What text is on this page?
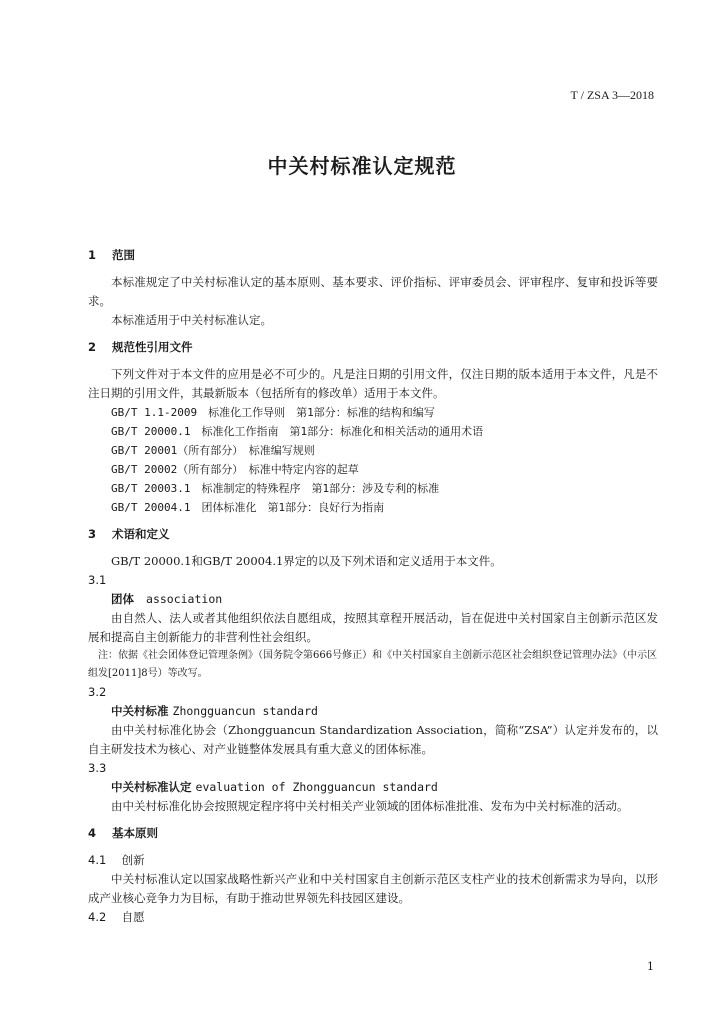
T / ZSA 3—2018
中关村标准认定规范
1 范围

本标准规定了中关村标准认定的基本原则、基本要求、评价指标、评审委员会、评审程序、复审和投诉等要求。

本标准适用于中关村标准认定。

2 规范性引用文件

下列文件对于本文件的应用是必不可少的。凡是注日期的引用文件，仅注日期的版本适用于本文件，凡是不注日期的引用文件，其最新版本（包括所有的修改单）适用于本文件。

GB/T 1.1-2009　标准化工作导则　第1部分：标准的结构和编写

GB/T 20000.1　标准化工作指南　第1部分：标准化和相关活动的通用术语

GB/T 20001（所有部分）　标准编写规则

GB/T 20002（所有部分）　标准中特定内容的起草

GB/T 20003.1　标准制定的特殊程序　第1部分：涉及专利的标准

GB/T 20004.1　团体标准化　第1部分：良好行为指南

3 术语和定义

GB/T 20000.1和GB/T 20004.1界定的以及下列术语和定义适用于本文件。

3.1

团体 association

由自然人、法人或者其他组织依法自愿组成，按照其章程开展活动，旨在促进中关村国家自主创新示范区发展和提高自主创新能力的非营利性社会组织。

注：依据《社会团体登记管理条例》（国务院令第666号修正）和《中关村国家自主创新示范区社会组织登记管理办法》（中示区组发[2011]8号）等改写。

3.2

中关村标准 Zhongguancun standard

由中关村标准化协会（Zhongguancun Standardization Association，简称“ZSA”）认定并发布的，以自主研发技术为核心、对产业链整体发展具有重大意义的团体标准。

3.3

中关村标准认定 evaluation of Zhongguancun standard

由中关村标准化协会按照规定程序将中关村相关产业领域的团体标准批准、发布为中关村标准的活动。

4 基本原则

4.1 创新

中关村标准认定以国家战略性新兴产业和中关村国家自主创新示范区支柱产业的技术创新需求为导向，以形成产业核心竞争力为目标，有助于推动世界领先科技园区建设。

4.2 自愿

1
